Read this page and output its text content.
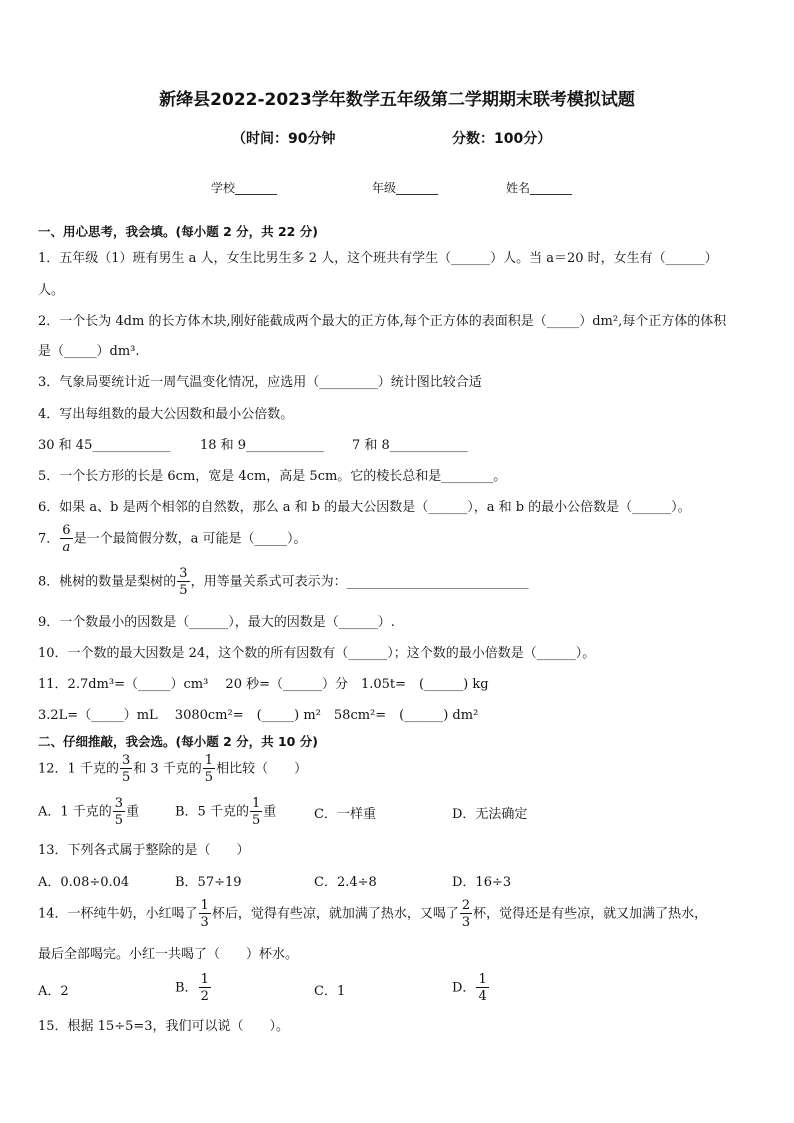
新绛县2022-2023学年数学五年级第二学期期末联考模拟试题
（时间：90分钟	分数：100分）
学校_______	年级_______	姓名_______
一、用心思考，我会填。(每小题 2 分，共 22 分)
1．五年级（1）班有男生 a 人，女生比男生多 2 人，这个班共有学生（______）人。当 a＝20 时，女生有（______）
人。
2．一个长为 4dm 的长方体木块,刚好能截成两个最大的正方体,每个正方体的表面积是（_____）dm²,每个正方体的体积
是（_____）dm³.
3．气象局要统计近一周气温变化情况，应选用（_________）统计图比较合适
4．写出每组数的最大公因数和最小公倍数。
30 和 45____________ 18 和 9____________ 7 和 8____________
5．一个长方形的长是 6cm，宽是 4cm，高是 5cm。它的棱长总和是________。
6．如果 a、b 是两个相邻的自然数，那么 a 和 b 的最大公因数是（______），a 和 b 的最小公倍数是（______）。
7． $\frac{6}{a}$ 是一个最简假分数，a 可能是（_____）。
8．桃树的数量是梨树的 $\frac{3}{5}$ ，用等量关系式可表示为：____________________________
9．一个数最小的因数是（______），最大的因数是（______）.
10．一个数的最大因数是 24，这个数的所有因数有（______）；这个数的最小倍数是（______）。
11．2.7dm³=（_____）cm³　 20 秒=（______）分　1.05t=　(______) kg
3.2L=（_____）mL　 3080cm²=　(_____) m²　58cm²=　(______) dm²
二、仔细推敲，我会选。(每小题 2 分，共 10 分)
12．1 千克的 $\frac{3}{5}$ 和 3 千克的 $\frac{1}{5}$ 相比较（　　）
A．1 千克的 $\frac{3}{5}$ 重	B．5 千克的 $\frac{1}{5}$ 重	C．一样重	D．无法确定
13．下列各式属于整除的是（　　）
A．0.08÷0.04	B．57÷19	C．2.4÷8	D．16÷3
14．一杯纯牛奶，小红喝了 $\frac{1}{3}$ 杯后，觉得有些凉，就加满了热水，又喝了 $\frac{2}{3}$ 杯，觉得还是有些凉，就又加满了热水，
最后全部喝完。小红一共喝了（　　）杯水。
A．2	B． $\frac{1}{2}$	C．1	D． $\frac{1}{4}$
15．根据 15÷5=3，我们可以说（　　）。
